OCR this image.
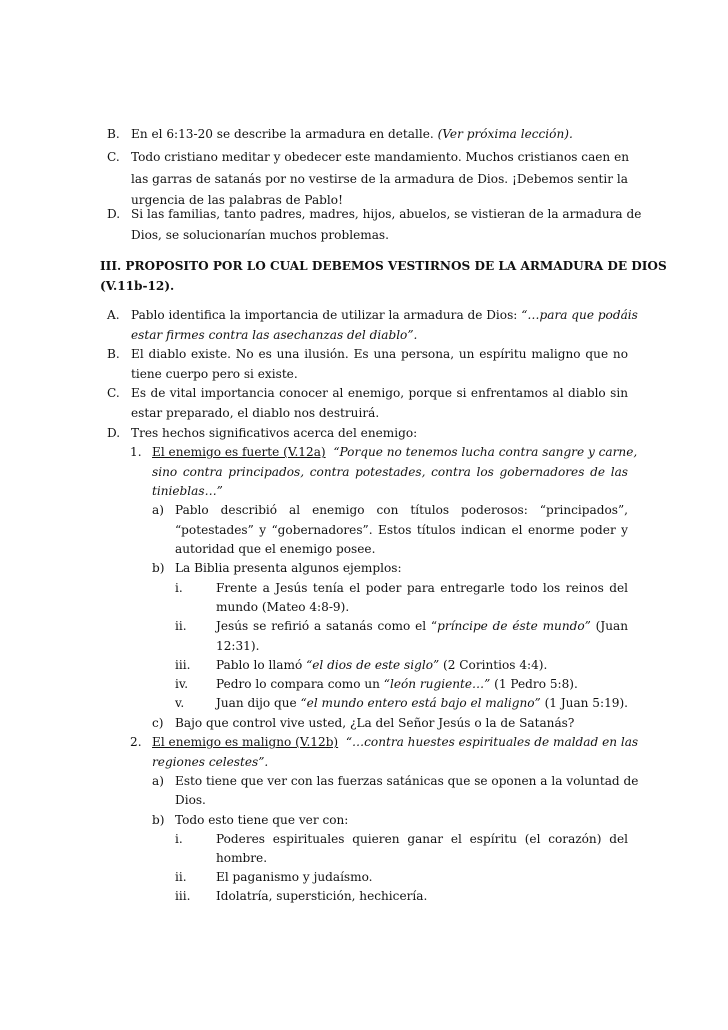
B. En el 6:13-20 se describe la armadura en detalle. (Ver próxima lección).
C. Todo cristiano meditar y obedecer este mandamiento. Muchos cristianos caen en
las garras de satanás por no vestirse de la armadura de Dios. ¡Debemos sentir la
urgencia de las palabras de Pablo!
D. Si las familias, tanto padres, madres, hijos, abuelos, se vistieran de la armadura de
Dios, se solucionarían muchos problemas.
III. PROPOSITO POR LO CUAL DEBEMOS VESTIRNOS DE LA ARMADURA DE DIOS
(V.11b-12).
A. Pablo identifica la importancia de utilizar la armadura de Dios: “…para que podáis
estar firmes contra las asechanzas del diablo”.
B. El diablo existe. No es una ilusión. Es una persona, un espíritu maligno que no
tiene cuerpo pero si existe.
C. Es de vital importancia conocer al enemigo, porque si enfrentamos al diablo sin
estar preparado, el diablo nos destruirá.
D. Tres hechos significativos acerca del enemigo:
1. El enemigo es fuerte (V.12a) “Porque no tenemos lucha contra sangre y carne,
sino contra principados, contra potestades, contra los gobernadores de las
tinieblas…”
a) Pablo describió al enemigo con títulos poderosos: “principados”,
“potestades” y “gobernadores”. Estos títulos indican el enorme poder y
autoridad que el enemigo posee.
b) La Biblia presenta algunos ejemplos:
i.	Frente a Jesús tenía el poder para entregarle todo los reinos del
mundo (Mateo 4:8-9).
ii. Jesús se refirió a satanás como el “príncipe de éste mundo” (Juan
12:31).
iii. Pablo lo llamó “el dios de este siglo” (2 Corintios 4:4).
iv. Pedro lo compara como un “león rugiente…” (1 Pedro 5:8).
v.	Juan dijo que “el mundo entero está bajo el maligno” (1 Juan 5:19).
c) Bajo que control vive usted, ¿La del Señor Jesús o la de Satanás?
2. El enemigo es maligno (V.12b) “…contra huestes espirituales de maldad en las
regiones celestes”.
a) Esto tiene que ver con las fuerzas satánicas que se oponen a la voluntad de
Dios.
b) Todo esto tiene que ver con:
i.	Poderes espirituales quieren ganar el espíritu (el corazón) del
hombre.
ii. El paganismo y judaísmo.
iii. Idolatría, superstición, hechicería.
